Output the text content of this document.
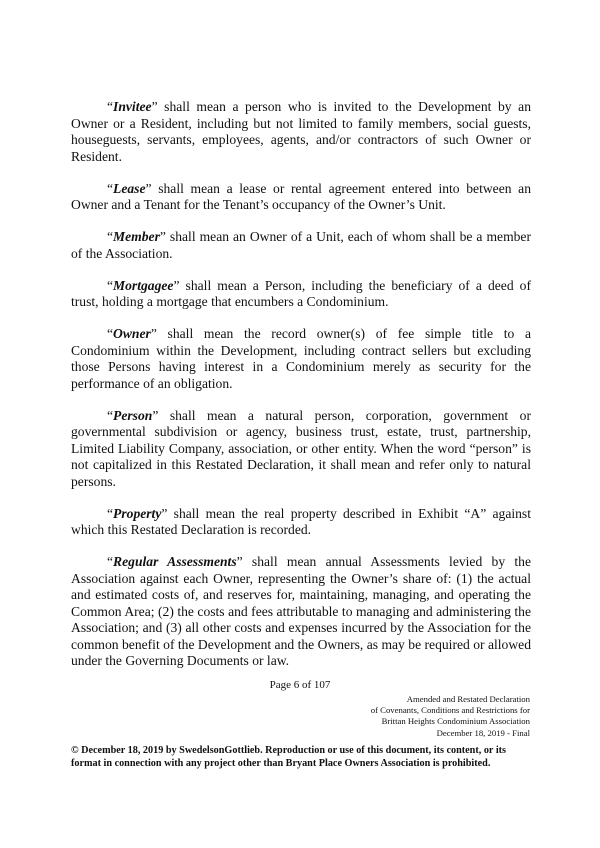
“Invitee” shall mean a person who is invited to the Development by an Owner or a Resident, including but not limited to family members, social guests, houseguests, servants, employees, agents, and/or contractors of such Owner or Resident.

“Lease” shall mean a lease or rental agreement entered into between an Owner and a Tenant for the Tenant’s occupancy of the Owner’s Unit.

“Member” shall mean an Owner of a Unit, each of whom shall be a member of the Association.

“Mortgagee” shall mean a Person, including the beneficiary of a deed of trust, holding a mortgage that encumbers a Condominium.

“Owner” shall mean the record owner(s) of fee simple title to a Condominium within the Development, including contract sellers but excluding those Persons having interest in a Condominium merely as security for the performance of an obligation.

“Person” shall mean a natural person, corporation, government or governmental subdivision or agency, business trust, estate, trust, partnership, Limited Liability Company, association, or other entity. When the word “person” is not capitalized in this Restated Declaration, it shall mean and refer only to natural persons.

“Property” shall mean the real property described in Exhibit “A” against which this Restated Declaration is recorded.

“Regular Assessments” shall mean annual Assessments levied by the Association against each Owner, representing the Owner’s share of: (1) the actual and estimated costs of, and reserves for, maintaining, managing, and operating the Common Area; (2) the costs and fees attributable to managing and administering the Association; and (3) all other costs and expenses incurred by the Association for the common benefit of the Development and the Owners, as may be required or allowed under the Governing Documents or law.

Page 6 of 107
Amended and Restated Declaration
of Covenants, Conditions and Restrictions for
Brittan Heights Condominium Association
December 18, 2019 - Final
© December 18, 2019 by SwedelsonGottlieb. Reproduction or use of this document, its content, or its format in connection with any project other than Bryant Place Owners Association is prohibited.
